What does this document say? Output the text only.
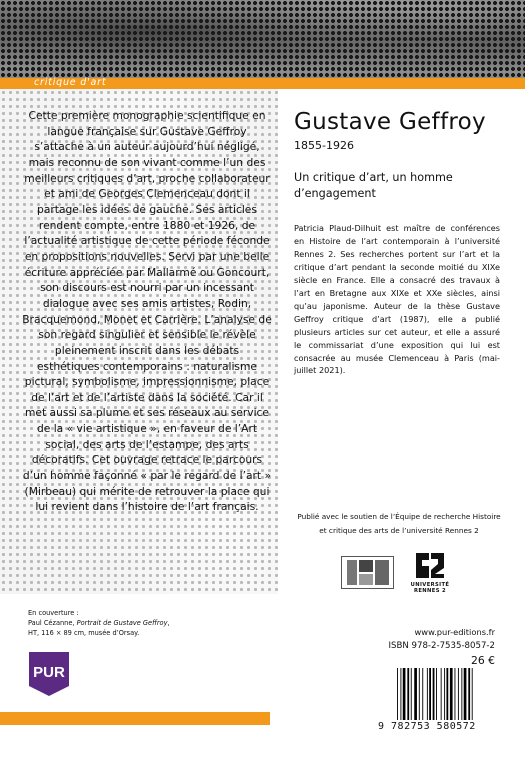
critique d'art

Cette première monographie scientifique en langue française sur Gustave Geffroy s’attache à un auteur aujourd’hui négligé, mais reconnu de son vivant comme l’un des meilleurs critiques d’art, proche collaborateur et ami de Georges Clemenceau dont il partage les idées de gauche. Ses articles rendent compte, entre 1880 et 1926, de l’actualité artistique de cette période féconde en propositions nouvelles. Servi par une belle écriture appréciée par Mallarmé ou Goncourt, son discours est nourri par un incessant dialogue avec ses amis artistes, Rodin, Bracquemond, Monet et Carrière. L’analyse de son regard singulier et sensible le révèle pleinement inscrit dans les débats esthétiques contemporains : naturalisme pictural, symbolisme, impressionnisme, place de l’art et de l’artiste dans la société. Car il met aussi sa plume et ses réseaux au service de la « vie artistique », en faveur de l’Art social, des arts de l’estampe, des arts décoratifs. Cet ouvrage retrace le parcours d’un homme façonné « par le regard de l’art » (Mirbeau) qui mérite de retrouver la place qui lui revient dans l’histoire de l’art français.

En couverture :
Paul Cézanne, Portrait de Gustave Geffroy,
HT, 116 × 89 cm, musée d’Orsay.
PUR
Gustave Geffroy
1855-1926
Un critique d’art, un homme d’engagement

Patricia Plaud-Dilhuit est maître de conférences en Histoire de l’art contemporain à l’université Rennes 2. Ses recherches portent sur l’art et la critique d’art pendant la seconde moitié du XIXe siècle en France. Elle a consacré des travaux à l’art en Bretagne aux XIXe et XXe siècles, ainsi qu’au japonisme. Auteur de la thèse Gustave Geffroy critique d’art (1987), elle a publié plusieurs articles sur cet auteur, et elle a assuré le commissariat d’une exposition qui lui est consacrée au musée Clemenceau à Paris (mai-juillet 2021).

Publié avec le soutien de l’Équipe de recherche Histoire et critique des arts de l’université Rennes 2
UNIVERSITÉ RENNES 2
www.pur-editions.fr
ISBN 978-2-7535-8057-2
26 €
9 782753 580572
